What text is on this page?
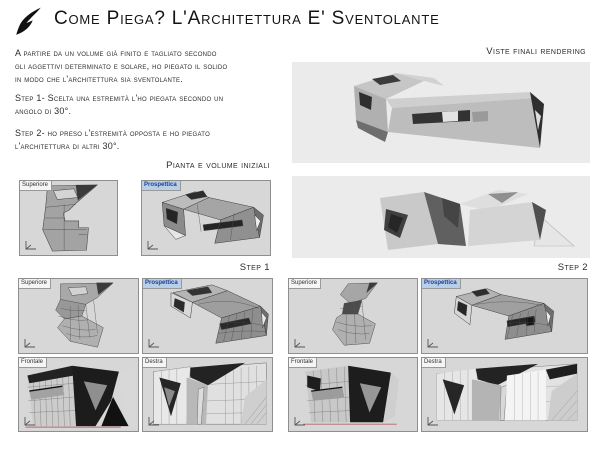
Come Piega? L'Architettura E' Sventolante
A partire da un volume già finito e tagliato secondo
gli aggettivi determinato e solare, ho piegato il solido
in modo che l'architettura sia sventolante.
Step 1- Scelta una estremità l'ho piegata secondo un
angolo di 30°.
Step 2- ho preso l'estremità opposta e ho piegato
l'architettura di altri 30°.
Viste finali rendering
Pianta e volume iniziali
Superiore	Prospettica
Step 1	Step 2
Superiore	Prospettica
Frontale	Destra
Superiore	Prospettica
Frontale	Destra
